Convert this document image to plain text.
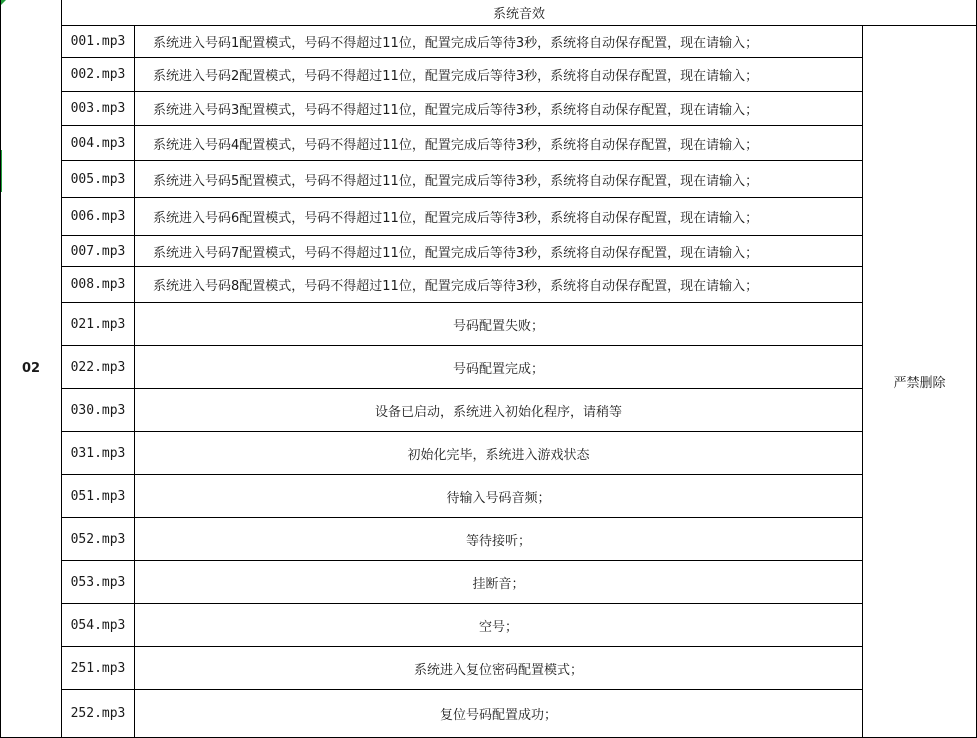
02	系统音效		
	001.mp3	系统进入号码1配置模式，号码不得超过11位，配置完成后等待3秒，系统将自动保存配置，现在请输入；	严禁删除
	002.mp3	系统进入号码2配置模式，号码不得超过11位，配置完成后等待3秒，系统将自动保存配置，现在请输入；	
	003.mp3	系统进入号码3配置模式，号码不得超过11位，配置完成后等待3秒，系统将自动保存配置，现在请输入；	
	004.mp3	系统进入号码4配置模式，号码不得超过11位，配置完成后等待3秒，系统将自动保存配置，现在请输入；	
	005.mp3	系统进入号码5配置模式，号码不得超过11位，配置完成后等待3秒，系统将自动保存配置，现在请输入；	
	006.mp3	系统进入号码6配置模式，号码不得超过11位，配置完成后等待3秒，系统将自动保存配置，现在请输入；	
	007.mp3	系统进入号码7配置模式，号码不得超过11位，配置完成后等待3秒，系统将自动保存配置，现在请输入；	
	008.mp3	系统进入号码8配置模式，号码不得超过11位，配置完成后等待3秒，系统将自动保存配置，现在请输入；	
	021.mp3	号码配置失败；	
	022.mp3	号码配置完成；	
	030.mp3	设备已启动，系统进入初始化程序，请稍等	
	031.mp3	初始化完毕，系统进入游戏状态	
	051.mp3	待输入号码音频；	
	052.mp3	等待接听；	
	053.mp3	挂断音；	
	054.mp3	空号；	
	251.mp3	系统进入复位密码配置模式；	
	252.mp3	复位号码配置成功；	
